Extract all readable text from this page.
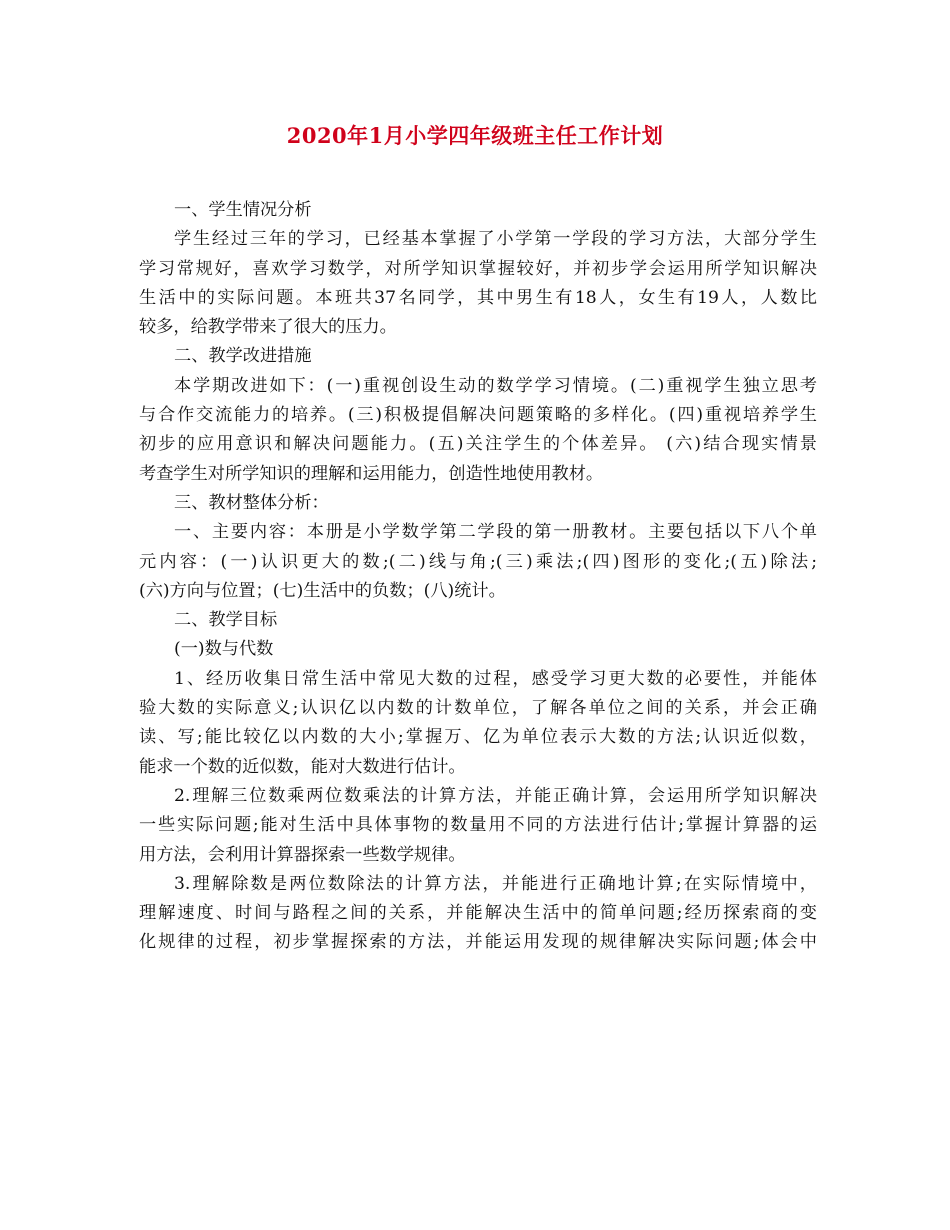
2020年1月小学四年级班主任工作计划
一、学生情况分析
学生经过三年的学习，已经基本掌握了小学第一学段的学习方法，大部分学生
学习常规好，喜欢学习数学，对所学知识掌握较好，并初步学会运用所学知识解决
生活中的实际问题。本班共37名同学，其中男生有18人，女生有19人，人数比
较多，给教学带来了很大的压力。
二、教学改进措施
本学期改进如下：(一)重视创设生动的数学学习情境。(二)重视学生独立思考
与合作交流能力的培养。(三)积极提倡解决问题策略的多样化。(四)重视培养学生
初步的应用意识和解决问题能力。(五)关注学生的个体差异。 (六)结合现实情景
考查学生对所学知识的理解和运用能力，创造性地使用教材。
三、教材整体分析：
一、主要内容：本册是小学数学第二学段的第一册教材。主要包括以下八个单
元内容：(一)认识更大的数;(二)线与角;(三)乘法;(四)图形的变化;(五)除法;
(六)方向与位置；(七)生活中的负数；(八)统计。
二、教学目标
(一)数与代数
1、经历收集日常生活中常见大数的过程，感受学习更大数的必要性，并能体
验大数的实际意义;认识亿以内数的计数单位，了解各单位之间的关系，并会正确
读、写;能比较亿以内数的大小;掌握万、亿为单位表示大数的方法;认识近似数，
能求一个数的近似数，能对大数进行估计。
2.理解三位数乘两位数乘法的计算方法，并能正确计算，会运用所学知识解决
一些实际问题;能对生活中具体事物的数量用不同的方法进行估计;掌握计算器的运
用方法，会利用计算器探索一些数学规律。
3.理解除数是两位数除法的计算方法，并能进行正确地计算;在实际情境中，
理解速度、时间与路程之间的关系，并能解决生活中的简单问题;经历探索商的变
化规律的过程，初步掌握探索的方法，并能运用发现的规律解决实际问题;体会中
